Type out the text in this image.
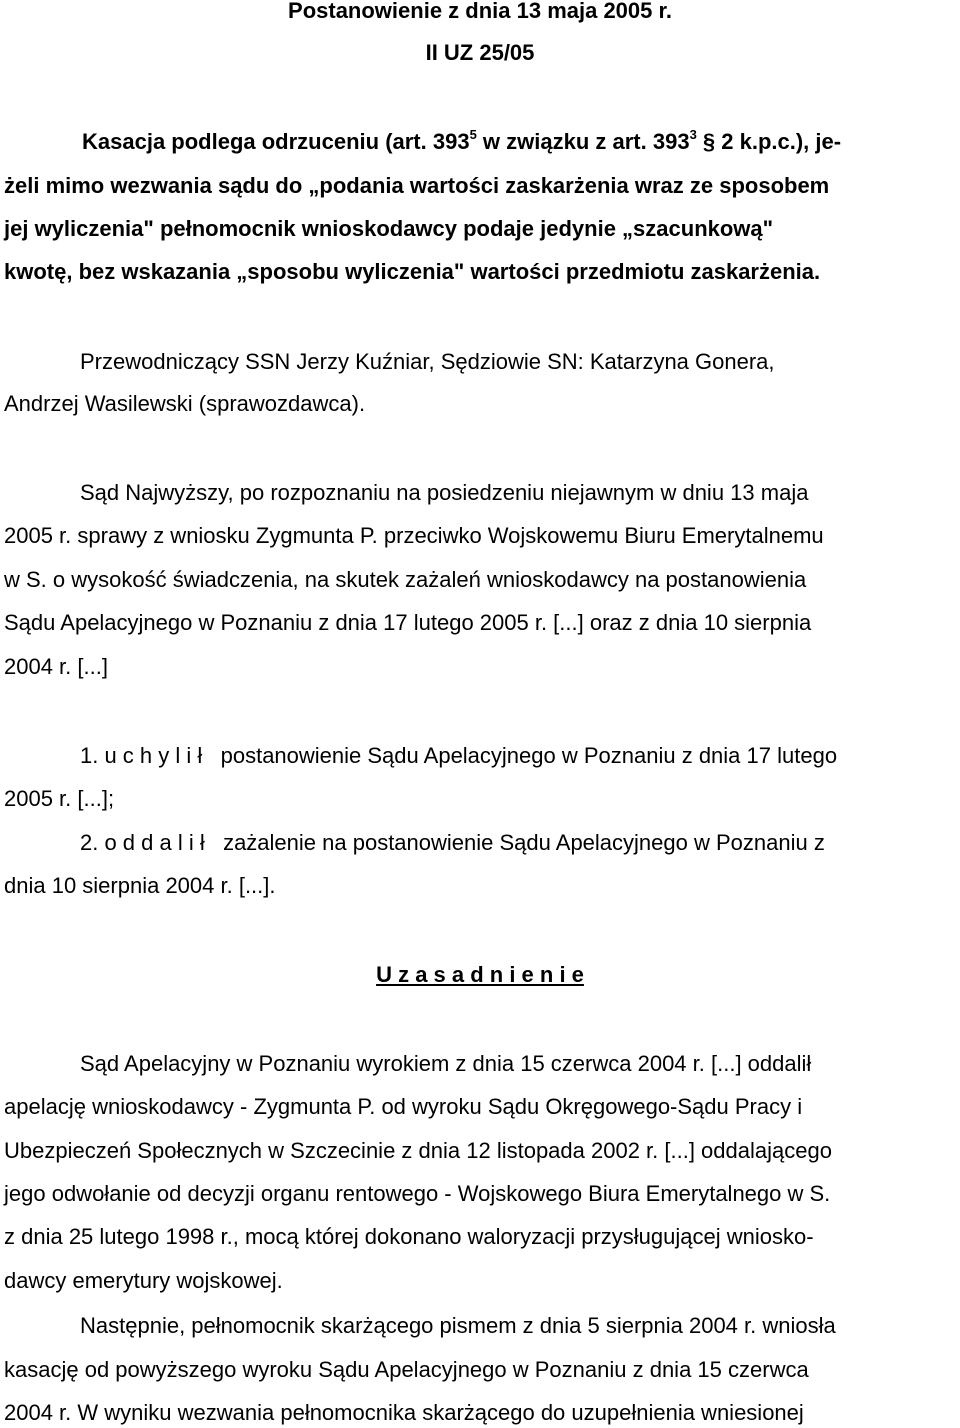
Postanowienie z dnia 13 maja 2005 r.
II UZ 25/05
Kasacja podlega odrzuceniu (art. $393^5$ w związku z art. $393^3$ § 2 k.p.c.), je-
żeli mimo wezwania sądu do „podania wartości zaskarżenia wraz ze sposobem
jej wyliczenia" pełnomocnik wnioskodawcy podaje jedynie „szacunkową"
kwotę, bez wskazania „sposobu wyliczenia" wartości przedmiotu zaskarżenia.
Przewodniczący SSN Jerzy Kuźniar, Sędziowie SN: Katarzyna Gonera,
Andrzej Wasilewski (sprawozdawca).
Sąd Najwyższy, po rozpoznaniu na posiedzeniu niejawnym w dniu 13 maja
2005 r. sprawy z wniosku Zygmunta P. przeciwko Wojskowemu Biuru Emerytalnemu
w S. o wysokość świadczenia, na skutek zażaleń wnioskodawcy na postanowienia
Sądu Apelacyjnego w Poznaniu z dnia 17 lutego 2005 r. [...] oraz z dnia 10 sierpnia
2004 r. [...]
1. u c h y l i ł   postanowienie Sądu Apelacyjnego w Poznaniu z dnia 17 lutego
2005 r. [...];
2. o d d a l i ł   zażalenie na postanowienie Sądu Apelacyjnego w Poznaniu z
dnia 10 sierpnia 2004 r. [...].
U z a s a d n i e n i e
Sąd Apelacyjny w Poznaniu wyrokiem z dnia 15 czerwca 2004 r. [...] oddalił
apelację wnioskodawcy - Zygmunta P. od wyroku Sądu Okręgowego-Sądu Pracy i
Ubezpieczeń Społecznych w Szczecinie z dnia 12 listopada 2002 r. [...] oddalającego
jego odwołanie od decyzji organu rentowego - Wojskowego Biura Emerytalnego w S.
z dnia 25 lutego 1998 r., mocą której dokonano waloryzacji przysługującej wniosko-
dawcy emerytury wojskowej.
Następnie, pełnomocnik skarżącego pismem z dnia 5 sierpnia 2004 r. wniosła
kasację od powyższego wyroku Sądu Apelacyjnego w Poznaniu z dnia 15 czerwca
2004 r. W wyniku wezwania pełnomocnika skarżącego do uzupełnienia wniesionej
